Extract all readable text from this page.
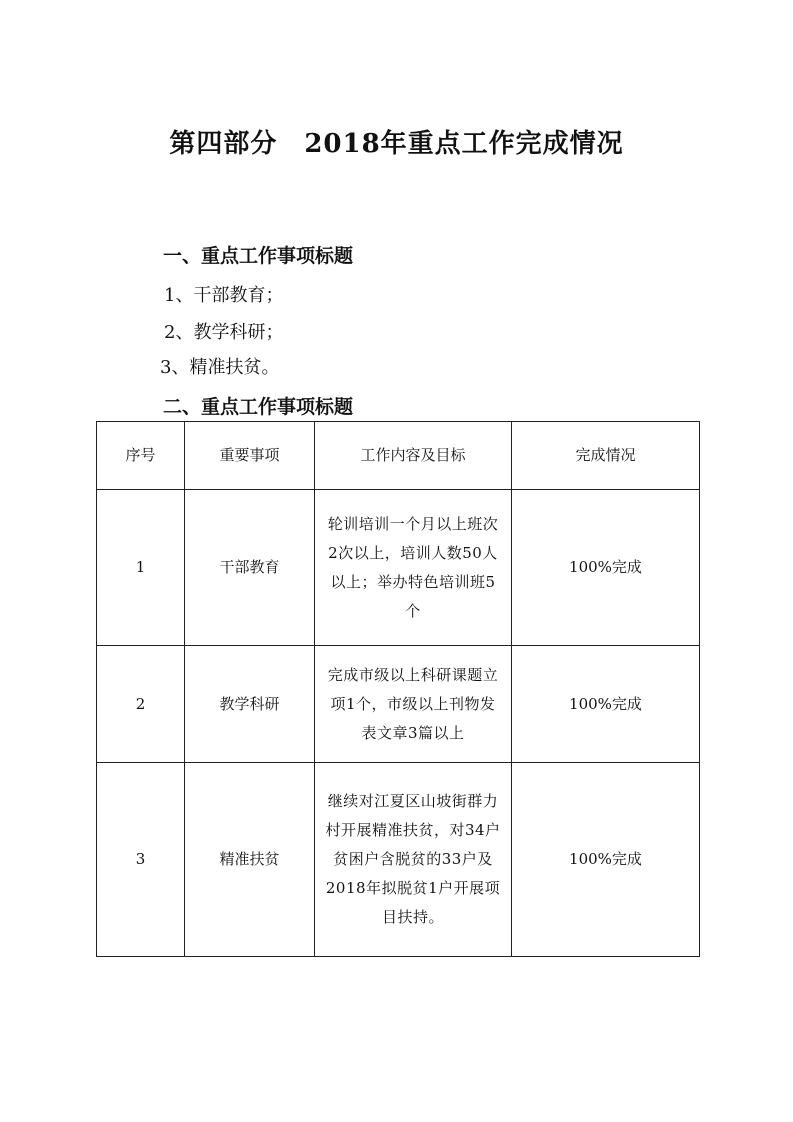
第四部分　2018年重点工作完成情况
一、重点工作事项标题
1、干部教育；
2、教学科研；
3、精准扶贫。
二、重点工作事项标题
序号	重要事项	工作内容及目标	完成情况
1	干部教育	轮训培训一个月以上班次2次以上，培训人数50人以上；举办特色培训班5个	100%完成
2	教学科研	完成市级以上科研课题立项1个，市级以上刊物发表文章3篇以上	100%完成
3	精准扶贫	继续对江夏区山坡街群力村开展精准扶贫，对34户贫困户含脱贫的33户及2018年拟脱贫1户开展项目扶持。	100%完成
